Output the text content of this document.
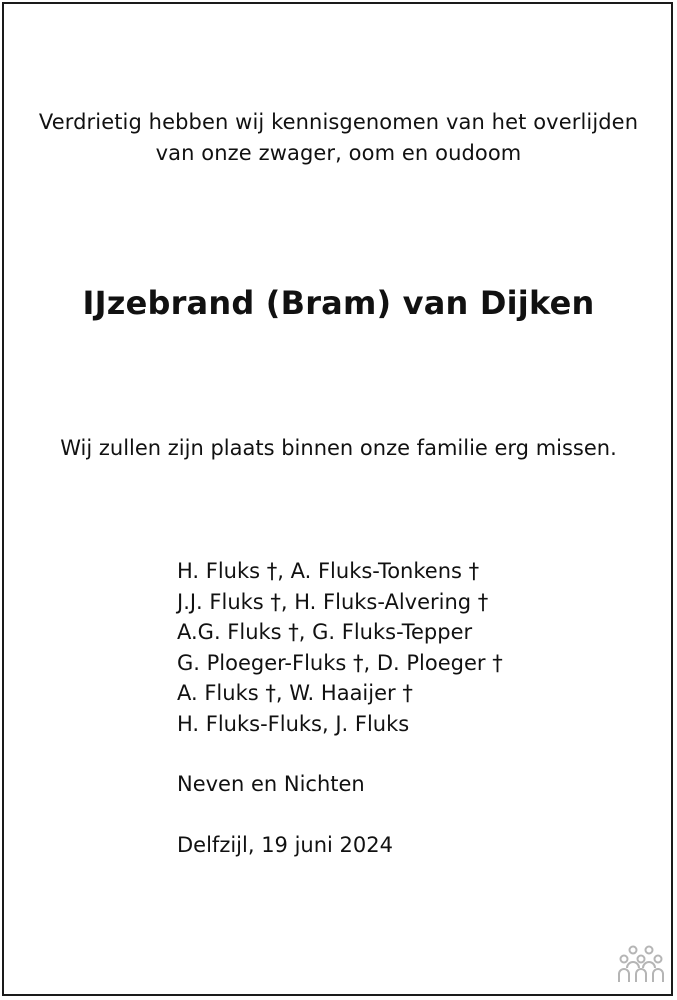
Verdrietig hebben wij kennisgenomen van het overlijden
van onze zwager, oom en oudoom
IJzebrand (Bram) van Dijken
Wij zullen zijn plaats binnen onze familie erg missen.
H. Fluks †, A. Fluks-Tonkens †
J.J. Fluks †, H. Fluks-Alvering †
A.G. Fluks †, G. Fluks-Tepper
G. Ploeger-Fluks †, D. Ploeger †
A. Fluks †, W. Haaijer †
H. Fluks-Fluks, J. Fluks
Neven en Nichten
Delfzijl, 19 juni 2024
